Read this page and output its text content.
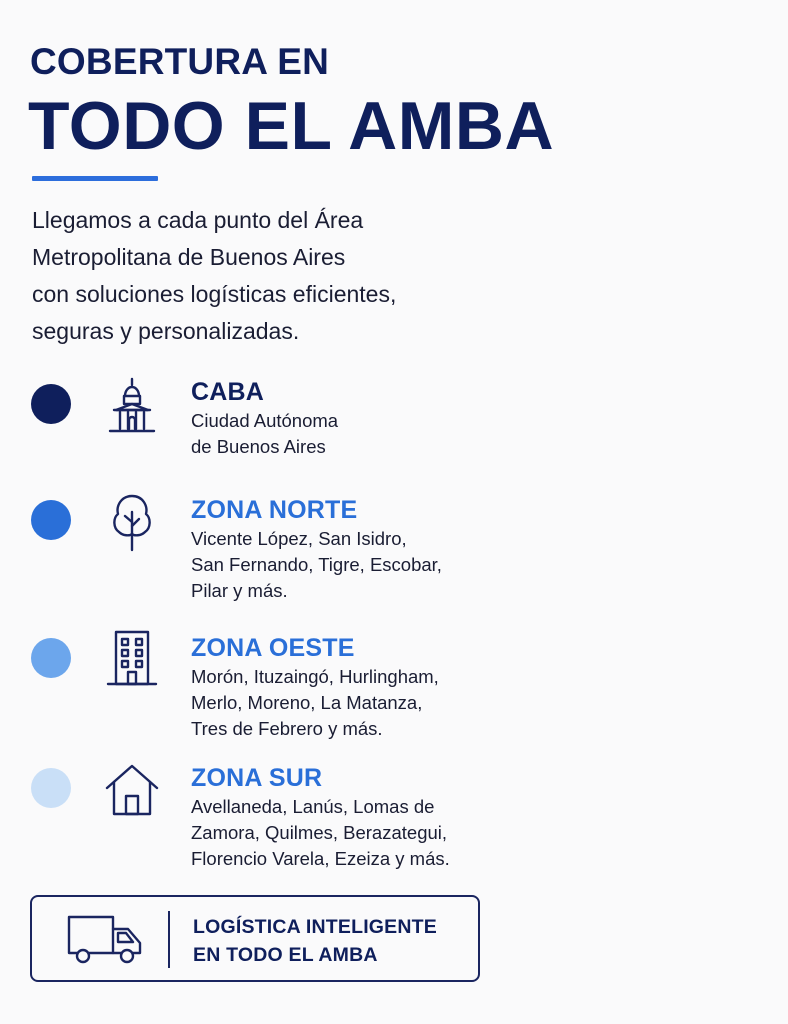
COBERTURA EN
TODO EL AMBA
Llegamos a cada punto del Área
Metropolitana de Buenos Aires
con soluciones logísticas eficientes,
seguras y personalizadas.
CABA
Ciudad Autónoma
de Buenos Aires
ZONA NORTE
Vicente López, San Isidro,
San Fernando, Tigre, Escobar,
Pilar y más.
ZONA OESTE
Morón, Ituzaingó, Hurlingham,
Merlo, Moreno, La Matanza,
Tres de Febrero y más.
ZONA SUR
Avellaneda, Lanús, Lomas de
Zamora, Quilmes, Berazategui,
Florencio Varela, Ezeiza y más.
LOGÍSTICA INTELIGENTE
EN TODO EL AMBA
